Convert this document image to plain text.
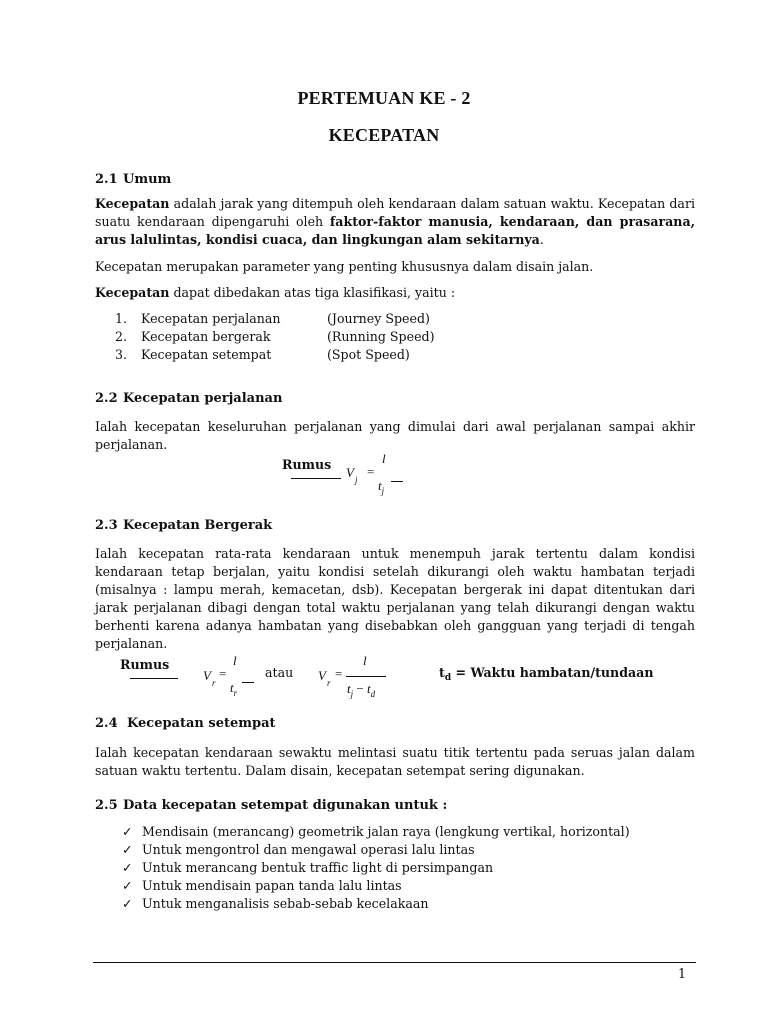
PERTEMUAN KE - 2
KECEPATAN
2.1 Umum
Kecepatan adalah jarak yang ditempuh oleh kendaraan dalam satuan waktu. Kecepatan dari suatu kendaraan dipengaruhi oleh faktor-faktor manusia, kendaraan, dan prasarana, arus lalulintas, kondisi cuaca, dan lingkungan alam sekitarnya.
Kecepatan merupakan parameter yang penting khususnya dalam disain jalan.
Kecepatan dapat dibedakan atas tiga klasifikasi, yaitu :
1. Kecepatan perjalanan	(Journey Speed)
2. Kecepatan bergerak	(Running Speed)
3. Kecepatan setempat	(Spot Speed)
2.2 Kecepatan perjalanan
Ialah kecepatan keseluruhan perjalanan yang dimulai dari awal perjalanan sampai akhir perjalanan.
Rumus
$V_j$
=
l
$t_j$
2.3 Kecepatan Bergerak
Ialah kecepatan rata-rata kendaraan untuk menempuh jarak tertentu dalam kondisi kendaraan tetap berjalan, yaitu kondisi setelah dikurangi oleh waktu hambatan terjadi (misalnya : lampu merah, kemacetan, dsb). Kecepatan bergerak ini dapat ditentukan dari jarak perjalanan dibagi dengan total waktu perjalanan yang telah dikurangi dengan waktu berhenti karena adanya hambatan yang disebabkan oleh gangguan yang terjadi di tengah perjalanan.
Rumus
$V_r$
=
l
$t_r$
atau $V_r$
=
l
$t_j - t_d$
$t_d$ = Waktu hambatan/tundaan
2.4 Kecepatan setempat
Ialah kecepatan kendaraan sewaktu melintasi suatu titik tertentu pada seruas jalan dalam satuan waktu tertentu. Dalam disain, kecepatan setempat sering digunakan.
2.5 Data kecepatan setempat digunakan untuk :
✓ Mendisain (merancang) geometrik jalan raya (lengkung vertikal, horizontal)
✓ Untuk mengontrol dan mengawal operasi lalu lintas
✓ Untuk merancang bentuk traffic light di persimpangan
✓ Untuk mendisain papan tanda lalu lintas
✓ Untuk menganalisis sebab-sebab kecelakaan
1
